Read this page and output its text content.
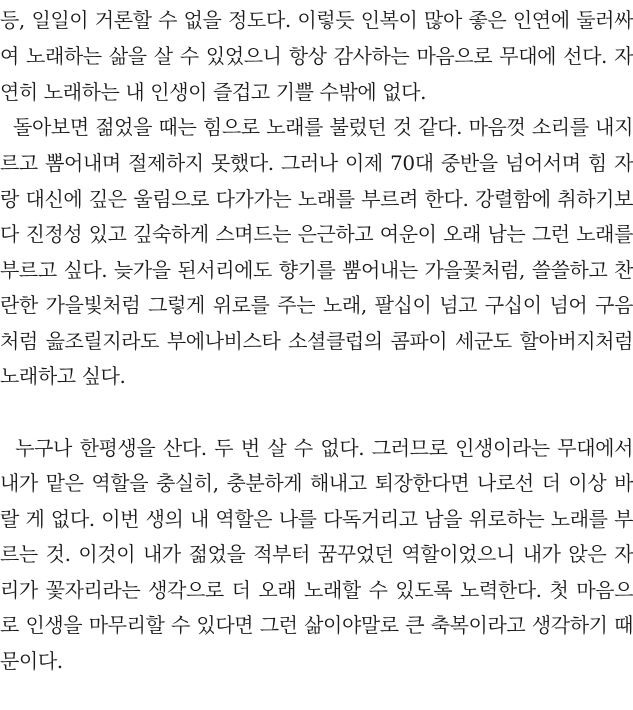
등, 일일이 거론할 수 없을 정도다. 이렇듯 인복이 많아 좋은 인연에 둘러싸
여 노래하는 삶을 살 수 있었으니 항상 감사하는 마음으로 무대에 선다. 자
연히 노래하는 내 인생이 즐겁고 기쁠 수밖에 없다.
돌아보면 젊었을 때는 힘으로 노래를 불렀던 것 같다. 마음껏 소리를 내지
르고 뽐어내며 절제하지 못했다. 그러나 이제 70대 중반을 넘어서며 힘 자
랑 대신에 깊은 울림으로 다가가는 노래를 부르려 한다. 강렬함에 취하기보
다 진정성 있고 깊숙하게 스며드는 은근하고 여운이 오래 남는 그런 노래를
부르고 싶다. 늦가을 된서리에도 향기를 뿜어내는 가을꽃처럼, 쓸쓸하고 찬
란한 가을빛처럼 그렇게 위로를 주는 노래, 팔십이 넘고 구십이 넘어 구음
처럼 읊조릴지라도 부에나비스타 소셜클럽의 콤파이 세군도 할아버지처럼
노래하고 싶다.
누구나 한평생을 산다. 두 번 살 수 없다. 그러므로 인생이라는 무대에서
내가 맡은 역할을 충실히, 충분하게 해내고 퇴장한다면 나로선 더 이상 바
랄 게 없다. 이번 생의 내 역할은 나를 다독거리고 남을 위로하는 노래를 부
르는 것. 이것이 내가 젊었을 적부터 꿈꾸었던 역할이었으니 내가 앉은 자
리가 꽃자리라는 생각으로 더 오래 노래할 수 있도록 노력한다. 첫 마음으
로 인생을 마무리할 수 있다면 그런 삶이야말로 큰 축복이라고 생각하기 때
문이다.
